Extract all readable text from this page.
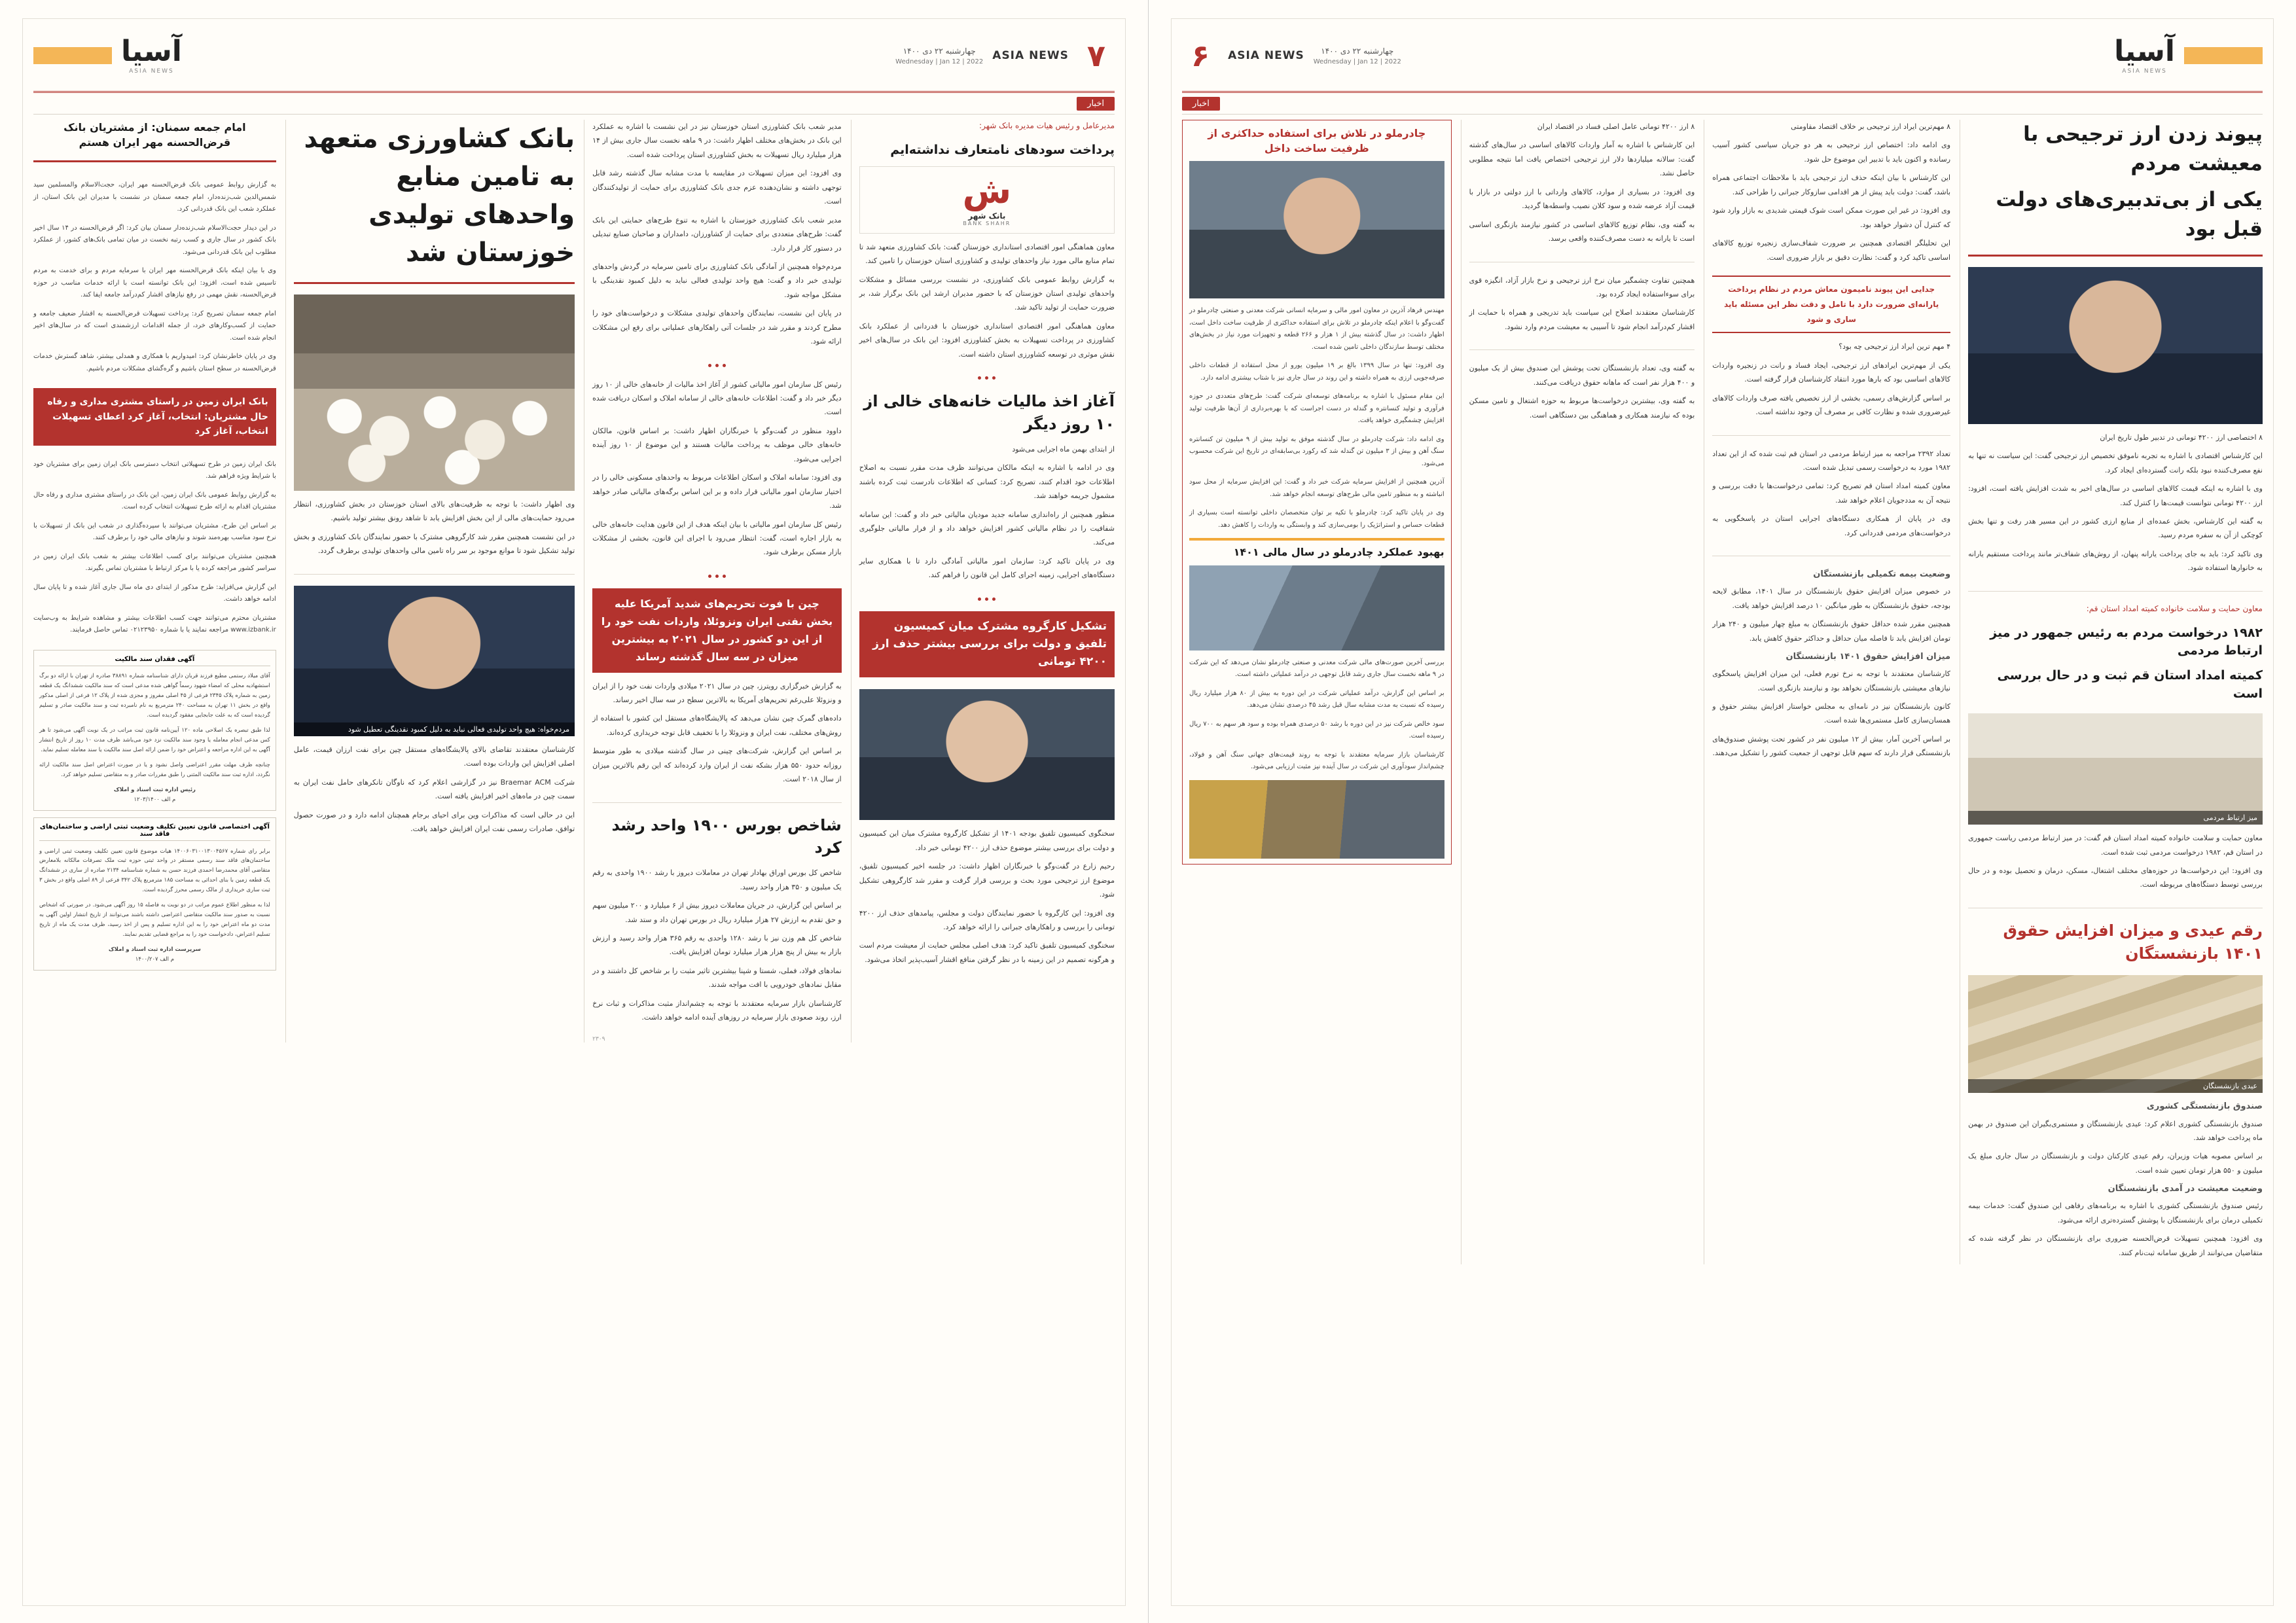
آسیا
ASIA NEWS
چهارشنبه ۲۲ دی ۱۴۰۰
Wednesday | Jan 12 | 2022
ASIA NEWS
۶
اخبار
پیوند زدن ارز ترجیحی با معیشت مردم
یکی از بی‌تدبیری‌های دولت قبل بود

۸ اختصاصی ارز ۴۲۰۰ تومانی در تدبیر طول تاریخ ایران

این کارشناس اقتصادی با اشاره به تجربه ناموفق تخصیص ارز ترجیحی گفت: این سیاست نه تنها به نفع مصرف‌کننده نبود بلکه رانت گسترده‌ای ایجاد کرد.

وی با اشاره به اینکه قیمت کالاهای اساسی در سال‌های اخیر به شدت افزایش یافته است، افزود: ارز ۴۲۰۰ تومانی نتوانست قیمت‌ها را کنترل کند.

به گفته این کارشناس، بخش عمده‌ای از منابع ارزی کشور در این مسیر هدر رفت و تنها بخش کوچکی از آن به سفره مردم رسید.

وی تاکید کرد: باید به جای پرداخت یارانه پنهان، از روش‌های شفاف‌تر مانند پرداخت مستقیم یارانه به خانوارها استفاده شود.

معاون حمایت و سلامت خانواده کمیته امداد استان قم:
۱۹۸۲ درخواست مردم به رئیس جمهور در میز ارتباط مردمی
کمیته امداد استان قم ثبت و در حال بررسی است
میز ارتباط مردمی

معاون حمایت و سلامت خانواده کمیته امداد استان قم گفت: در میز ارتباط مردمی ریاست جمهوری در استان قم، ۱۹۸۲ درخواست مردمی ثبت شده است.

وی افزود: این درخواست‌ها در حوزه‌های مختلف اشتغال، مسکن، درمان و تحصیل بوده و در حال بررسی توسط دستگاه‌های مربوطه است.

رقم عیدی و میزان افزایش حقوق ۱۴۰۱ بازنشستگان
عیدی بازنشستگان
صندوق بازنشستگی کشوری

صندوق بازنشستگی کشوری اعلام کرد: عیدی بازنشستگان و مستمری‌بگیران این صندوق در بهمن ماه پرداخت خواهد شد.

بر اساس مصوبه هیات وزیران، رقم عیدی کارکنان دولت و بازنشستگان در سال جاری مبلغ یک میلیون و ۵۵۰ هزار تومان تعیین شده است.

وضعیت معیشت در آمدی بازنشستگان

رئیس صندوق بازنشستگی کشوری با اشاره به برنامه‌های رفاهی این صندوق گفت: خدمات بیمه تکمیلی درمان برای بازنشستگان با پوشش گسترده‌تری ارائه می‌شود.

وی افزود: همچنین تسهیلات قرض‌الحسنه ضروری برای بازنشستگان در نظر گرفته شده که متقاضیان می‌توانند از طریق سامانه ثبت‌نام کنند.

۸ مهم‌ترین ایراد ارز ترجیحی بر خلاف اقتصاد مقاومتی

وی ادامه داد: اختصاص ارز ترجیحی به هر دو جریان سیاسی کشور آسیب رسانده و اکنون باید با تدبیر این موضوع حل شود.

این کارشناس با بیان اینکه حذف ارز ترجیحی باید با ملاحظات اجتماعی همراه باشد، گفت: دولت باید پیش از هر اقدامی سازوکار جبرانی را طراحی کند.

وی افزود: در غیر این صورت ممکن است شوک قیمتی شدیدی به بازار وارد شود که کنترل آن دشوار خواهد بود.

این تحلیلگر اقتصادی همچنین بر ضرورت شفاف‌سازی زنجیره توزیع کالاهای اساسی تاکید کرد و گفت: نظارت دقیق بر بازار ضروری است.

جدایی این پیوند نامیمون معاش مردم در نظام پرداخت یارانه‌ای ضرورت دارد با تامل و دقت نظر این مسئله باید ساری و شود

۴ مهم ترین ایراد ارز ترجیحی چه بود؟

یکی از مهم‌ترین ایرادهای ارز ترجیحی، ایجاد فساد و رانت در زنجیره واردات کالاهای اساسی بود که بارها مورد انتقاد کارشناسان قرار گرفته است.

بر اساس گزارش‌های رسمی، بخشی از ارز تخصیص یافته صرف واردات کالاهای غیرضروری شده و نظارت کافی بر مصرف آن وجود نداشته است.

تعداد ۲۳۹۲ مراجعه به میز ارتباط مردمی در استان قم ثبت شده که از این تعداد ۱۹۸۲ مورد به درخواست رسمی تبدیل شده است.

معاون کمیته امداد استان قم تصریح کرد: تمامی درخواست‌ها با دقت بررسی و نتیجه آن به مددجویان اعلام خواهد شد.

وی در پایان از همکاری دستگاه‌های اجرایی استان در پاسخگویی به درخواست‌های مردمی قدردانی کرد.

وضعیت بیمه تکمیلی بازنشستگان

در خصوص میزان افزایش حقوق بازنشستگان در سال ۱۴۰۱، مطابق لایحه بودجه، حقوق بازنشستگان به طور میانگین ۱۰ درصد افزایش خواهد یافت.

همچنین مقرر شده حداقل حقوق بازنشستگان به مبلغ چهار میلیون و ۲۴۰ هزار تومان افزایش یابد تا فاصله میان حداقل و حداکثر حقوق کاهش یابد.

میزان افزایش حقوق ۱۴۰۱ بازنشستگان

کارشناسان معتقدند با توجه به نرخ تورم فعلی، این میزان افزایش پاسخگوی نیازهای معیشتی بازنشستگان نخواهد بود و نیازمند بازنگری است.

کانون بازنشستگان نیز در نامه‌ای به مجلس خواستار افزایش بیشتر حقوق و همسان‌سازی کامل مستمری‌ها شده است.

بر اساس آخرین آمار، بیش از ۱۲ میلیون نفر در کشور تحت پوشش صندوق‌های بازنشستگی قرار دارند که سهم قابل توجهی از جمعیت کشور را تشکیل می‌دهند.

۸ ارز ۴۲۰۰ تومانی عامل اصلی فساد در اقتصاد ایران

این کارشناس با اشاره به آمار واردات کالاهای اساسی در سال‌های گذشته گفت: سالانه میلیاردها دلار ارز ترجیحی اختصاص یافت اما نتیجه مطلوبی حاصل نشد.

وی افزود: در بسیاری از موارد، کالاهای وارداتی با ارز دولتی در بازار با قیمت آزاد عرضه شده و سود کلان نصیب واسطه‌ها گردید.

به گفته وی، نظام توزیع کالاهای اساسی در کشور نیازمند بازنگری اساسی است تا یارانه به دست مصرف‌کننده واقعی برسد.

همچنین تفاوت چشمگیر میان نرخ ارز ترجیحی و نرخ بازار آزاد، انگیزه قوی برای سوءاستفاده ایجاد کرده بود.

کارشناسان معتقدند اصلاح این سیاست باید تدریجی و همراه با حمایت از اقشار کم‌درآمد انجام شود تا آسیبی به معیشت مردم وارد نشود.

به گفته وی، تعداد بازنشستگان تحت پوشش این صندوق بیش از یک میلیون و ۴۰۰ هزار نفر است که ماهانه حقوق دریافت می‌کنند.

به گفته وی، بیشترین درخواست‌ها مربوط به حوزه اشتغال و تامین مسکن بوده که نیازمند همکاری و هماهنگی بین دستگاهی است.

چادرملو در تلاش برای استفاده حداکثری از ظرفیت ساخت داخل

مهندس فرهاد آذرین در معاون امور مالی و سرمایه انسانی شرکت معدنی و صنعتی چادرملو در گفت‌وگو با اعلام اینکه چادرملو در تلاش برای استفاده حداکثری از ظرفیت ساخت داخل است، اظهار داشت: در سال گذشته بیش از ۱ هزار و ۲۶۶ قطعه و تجهیزات مورد نیاز در بخش‌های مختلف توسط سازندگان داخلی تامین شده است.

وی افزود: تنها در سال ۱۳۹۹ بالغ بر ۱۹ میلیون یورو از محل استفاده از قطعات داخلی صرفه‌جویی ارزی به همراه داشته و این روند در سال جاری نیز با شتاب بیشتری ادامه دارد.

این مقام مسئول با اشاره به برنامه‌های توسعه‌ای شرکت گفت: طرح‌های متعددی در حوزه فرآوری و تولید کنسانتره و گندله در دست اجراست که با بهره‌برداری از آن‌ها ظرفیت تولید افزایش چشمگیری خواهد یافت.

وی ادامه داد: شرکت چادرملو در سال گذشته موفق به تولید بیش از ۹ میلیون تن کنسانتره سنگ آهن و بیش از ۳ میلیون تن گندله شد که رکورد بی‌سابقه‌ای در تاریخ این شرکت محسوب می‌شود.

آذرین همچنین از افزایش سرمایه شرکت خبر داد و گفت: این افزایش سرمایه از محل سود انباشته و به منظور تامین مالی طرح‌های توسعه انجام خواهد شد.

وی در پایان تاکید کرد: چادرملو با تکیه بر توان متخصصان داخلی توانسته است بسیاری از قطعات حساس و استراتژیک را بومی‌سازی کند و وابستگی به واردات را کاهش دهد.

بهبود عملکرد چادرملو در سال مالی ۱۴۰۱

بررسی آخرین صورت‌های مالی شرکت معدنی و صنعتی چادرملو نشان می‌دهد که این شرکت در ۹ ماهه نخست سال جاری رشد قابل توجهی در درآمد عملیاتی داشته است.

بر اساس این گزارش، درآمد عملیاتی شرکت در این دوره به بیش از ۸۰ هزار میلیارد ریال رسیده که نسبت به مدت مشابه سال قبل رشد ۴۵ درصدی نشان می‌دهد.

سود خالص شرکت نیز در این دوره با رشد ۵۰ درصدی همراه بوده و سود هر سهم به ۷۰۰ ریال رسیده است.

کارشناسان بازار سرمایه معتقدند با توجه به روند قیمت‌های جهانی سنگ آهن و فولاد، چشم‌انداز سودآوری این شرکت در سال آینده نیز مثبت ارزیابی می‌شود.

۷
ASIA NEWS
چهارشنبه ۲۲ دی ۱۴۰۰
Wednesday | Jan 12 | 2022
آسیا
ASIA NEWS
اخبار
مدیرعامل و رئیس هیات مدیره بانک شهر:
پرداخت سودهای نامتعارف نداشته‌ایم
ش
بانک شهر
BANK SHAHR

معاون هماهنگی امور اقتصادی استانداری خوزستان گفت: بانک کشاورزی متعهد شد تا تمام منابع مالی مورد نیاز واحدهای تولیدی و کشاورزی استان خوزستان را تامین کند.

به گزارش روابط عمومی بانک کشاورزی، در نشست بررسی مسائل و مشکلات واحدهای تولیدی استان خوزستان که با حضور مدیران ارشد این بانک برگزار شد، بر ضرورت حمایت از تولید تاکید شد.

معاون هماهنگی امور اقتصادی استانداری خوزستان با قدردانی از عملکرد بانک کشاورزی در پرداخت تسهیلات به بخش کشاورزی افزود: این بانک در سال‌های اخیر نقش موثری در توسعه کشاورزی استان داشته است.

آغاز اخذ مالیات خانه‌های خالی از ۱۰ روز دیگر

از ابتدای بهمن ماه اجرایی می‌شود

وی در ادامه با اشاره به اینکه مالکان می‌توانند ظرف مدت مقرر نسبت به اصلاح اطلاعات خود اقدام کنند، تصریح کرد: کسانی که اطلاعات نادرست ثبت کرده باشند مشمول جریمه خواهند شد.

منظور همچنین از راه‌اندازی سامانه جدید مودیان مالیاتی خبر داد و گفت: این سامانه شفافیت را در نظام مالیاتی کشور افزایش خواهد داد و از فرار مالیاتی جلوگیری می‌کند.

وی در پایان تاکید کرد: سازمان امور مالیاتی آمادگی دارد تا با همکاری سایر دستگاه‌های اجرایی، زمینه اجرای کامل این قانون را فراهم کند.

تشکیل کارگروه مشترک میان کمیسیون تلفیق و دولت برای بررسی بیشتر حذف ارز ۴۲۰۰ تومانی

سخنگوی کمیسیون تلفیق بودجه ۱۴۰۱ از تشکیل کارگروه مشترک میان این کمیسیون و دولت برای بررسی بیشتر موضوع حذف ارز ۴۲۰۰ تومانی خبر داد.

رحیم زارع در گفت‌وگو با خبرنگاران اظهار داشت: در جلسه اخیر کمیسیون تلفیق، موضوع ارز ترجیحی مورد بحث و بررسی قرار گرفت و مقرر شد کارگروهی تشکیل شود.

وی افزود: این کارگروه با حضور نمایندگان دولت و مجلس، پیامدهای حذف ارز ۴۲۰۰ تومانی را بررسی و راهکارهای جبرانی را ارائه خواهد کرد.

سخنگوی کمیسیون تلفیق تاکید کرد: هدف اصلی مجلس حمایت از معیشت مردم است و هرگونه تصمیم در این زمینه با در نظر گرفتن منافع اقشار آسیب‌پذیر اتخاذ می‌شود.

مدیر شعب بانک کشاورزی استان خوزستان نیز در این نشست با اشاره به عملکرد این بانک در بخش‌های مختلف اظهار داشت: در ۹ ماهه نخست سال جاری بیش از ۱۴ هزار میلیارد ریال تسهیلات به بخش کشاورزی استان پرداخت شده است.

وی افزود: این میزان تسهیلات در مقایسه با مدت مشابه سال گذشته رشد قابل توجهی داشته و نشان‌دهنده عزم جدی بانک کشاورزی برای حمایت از تولیدکنندگان است.

مدیر شعب بانک کشاورزی خوزستان با اشاره به تنوع طرح‌های حمایتی این بانک گفت: طرح‌های متعددی برای حمایت از کشاورزان، دامداران و صاحبان صنایع تبدیلی در دستور کار قرار دارد.

مردم‌خواه همچنین از آمادگی بانک کشاورزی برای تامین سرمایه در گردش واحدهای تولیدی خبر داد و گفت: هیچ واحد تولیدی فعالی نباید به دلیل کمبود نقدینگی با مشکل مواجه شود.

در پایان این نشست، نمایندگان واحدهای تولیدی مشکلات و درخواست‌های خود را مطرح کردند و مقرر شد در جلسات آتی راهکارهای عملیاتی برای رفع این مشکلات ارائه شود.

رئیس کل سازمان امور مالیاتی کشور از آغاز اخذ مالیات از خانه‌های خالی از ۱۰ روز دیگر خبر داد و گفت: اطلاعات خانه‌های خالی از سامانه املاک و اسکان دریافت شده است.

داوود منظور در گفت‌وگو با خبرنگاران اظهار داشت: بر اساس قانون، مالکان خانه‌های خالی موظف به پرداخت مالیات هستند و این موضوع از ۱۰ روز آینده اجرایی می‌شود.

وی افزود: سامانه املاک و اسکان اطلاعات مربوط به واحدهای مسکونی خالی را در اختیار سازمان امور مالیاتی قرار داده و بر این اساس برگه‌های مالیاتی صادر خواهد شد.

رئیس کل سازمان امور مالیاتی با بیان اینکه هدف از این قانون هدایت خانه‌های خالی به بازار اجاره است، گفت: انتظار می‌رود با اجرای این قانون، بخشی از مشکلات بازار مسکن برطرف شود.

چین با فوت تحریم‌های شدید آمریکا علیه بخش نفتی ایران ونزوئلا، واردات نفت خود را از این دو کشور در سال ۲۰۲۱ به بیشترین میزان در سه سال گذشته رساند

به گزارش خبرگزاری رویترز، چین در سال ۲۰۲۱ میلادی واردات نفت خود را از ایران و ونزوئلا علی‌رغم تحریم‌های آمریکا به بالاترین سطح در سه سال اخیر رساند.

داده‌های گمرک چین نشان می‌دهد که پالایشگاه‌های مستقل این کشور با استفاده از روش‌های مختلف، نفت ایران و ونزوئلا را با تخفیف قابل توجه خریداری کرده‌اند.

بر اساس این گزارش، شرکت‌های چینی در سال گذشته میلادی به طور متوسط روزانه حدود ۵۵۰ هزار بشکه نفت از ایران وارد کرده‌اند که این رقم بالاترین میزان از سال ۲۰۱۸ است.

شاخص بورس ۱۹۰۰ واحد رشد کرد

شاخص کل بورس اوراق بهادار تهران در معاملات دیروز با رشد ۱۹۰۰ واحدی به رقم یک میلیون و ۳۵۰ هزار واحد رسید.

بر اساس این گزارش، در جریان معاملات دیروز بیش از ۶ میلیارد و ۲۰۰ میلیون سهم و حق تقدم به ارزش ۲۷ هزار میلیارد ریال در بورس تهران داد و ستد شد.

شاخص کل هم وزن نیز با رشد ۱۲۸۰ واحدی به رقم ۳۶۵ هزار واحد رسید و ارزش بازار به بیش از پنج هزار هزار میلیارد تومان افزایش یافت.

نمادهای فولاد، فملی، شستا و شپنا بیشترین تاثیر مثبت را بر شاخص کل داشتند و در مقابل نمادهای خودرویی با افت مواجه شدند.

کارشناسان بازار سرمایه معتقدند با توجه به چشم‌انداز مثبت مذاکرات و ثبات نرخ ارز، روند صعودی بازار سرمایه در روزهای آینده ادامه خواهد داشت.

۲۳۰۹
بانک کشاورزی متعهد به تامین منابع واحدهای تولیدی خوزستان شد

وی اظهار داشت: با توجه به ظرفیت‌های بالای استان خوزستان در بخش کشاورزی، انتظار می‌رود حمایت‌های مالی از این بخش افزایش یابد تا شاهد رونق بیشتر تولید باشیم.

در این نشست همچنین مقرر شد کارگروهی مشترک با حضور نمایندگان بانک کشاورزی و بخش تولید تشکیل شود تا موانع موجود بر سر راه تامین مالی واحدهای تولیدی برطرف گردد.

مردم‌خواه: هیچ واحد تولیدی فعالی نباید به دلیل کمبود نقدینگی تعطیل شود

کارشناسان معتقدند تقاضای بالای پالایشگاه‌های مستقل چین برای نفت ارزان قیمت، عامل اصلی افزایش این واردات بوده است.

شرکت Braemar ACM نیز در گزارشی اعلام کرد که ناوگان تانکرهای حامل نفت ایران به سمت چین در ماه‌های اخیر افزایش یافته است.

این در حالی است که مذاکرات وین برای احیای برجام همچنان ادامه دارد و در صورت حصول توافق، صادرات رسمی نفت ایران افزایش خواهد یافت.

امام جمعه سمنان: از مشتریان بانک قرض‌الحسنه مهر ایران هستم

به گزارش روابط عمومی بانک قرض‌الحسنه مهر ایران، حجت‌الاسلام والمسلمین سید شمس‌الدین شب‌زنده‌دار، امام جمعه سمنان در نشست با مدیران این بانک استان، از عملکرد شعب این بانک قدردانی کرد.

در این دیدار حجت‌الاسلام شب‌زنده‌دار سمنان بیان کرد: اگر قرض‌الحسنه در ۱۴ سال اخیر بانک کشور در سال جاری و کسب رتبه نخست در میان تمامی بانک‌های کشور، از عملکرد مطلوب این بانک قدردانی می‌شود.

وی با بیان اینکه بانک قرض‌الحسنه مهر ایران با سرمایه مردم و برای خدمت به مردم تاسیس شده است، افزود: این بانک توانسته است با ارائه خدمات مناسب در حوزه قرض‌الحسنه، نقش مهمی در رفع نیازهای اقشار کم‌درآمد جامعه ایفا کند.

امام جمعه سمنان تصریح کرد: پرداخت تسهیلات قرض‌الحسنه به اقشار ضعیف جامعه و حمایت از کسب‌وکارهای خرد، از جمله اقدامات ارزشمندی است که در سال‌های اخیر انجام شده است.

وی در پایان خاطرنشان کرد: امیدواریم با همکاری و همدلی بیشتر، شاهد گسترش خدمات قرض‌الحسنه در سطح استان باشیم و گره‌گشای مشکلات مردم باشیم.

بانک ایران زمین در راستای مشتری مداری و رفاه حال مشتریان: انتخاب، آغاز کرد اعطای تسهیلات انتخاب، آغاز کرد

بانک ایران زمین در طرح تسهیلاتی انتخاب دسترسی بانک ایران زمین برای مشتریان خود با شرایط ویژه فراهم شد.

به گزارش روابط عمومی بانک ایران زمین، این بانک در راستای مشتری مداری و رفاه حال مشتریان اقدام به ارائه طرح تسهیلات انتخاب کرده است.

بر اساس این طرح، مشتریان می‌توانند با سپرده‌گذاری در شعب این بانک از تسهیلات با نرخ سود مناسب بهره‌مند شوند و نیازهای مالی خود را برطرف کنند.

همچنین مشتریان می‌توانند برای کسب اطلاعات بیشتر به شعب بانک ایران زمین در سراسر کشور مراجعه کرده یا با مرکز ارتباط با مشتریان تماس بگیرند.

این گزارش می‌افزاید: طرح مذکور از ابتدای دی ماه سال جاری آغاز شده و تا پایان سال ادامه خواهد داشت.

مشتریان محترم می‌توانند جهت کسب اطلاعات بیشتر و مشاهده شرایط به وب‌سایت www.izbank.ir مراجعه نمایند یا با شماره ۰۲۱۲۳۹۵۰ تماس حاصل فرمایند.

آگهی فقدان سند مالکیت

آقای میلاد رستمی مطیع فرزند قربان دارای شناسنامه شماره ۳۸۸۹۱ صادره از تهران با ارائه دو برگ استشهادیه محلی که امضاء شهود رسماً گواهی شده مدعی است که سند مالکیت ششدانگ یک قطعه زمین به شماره پلاک ۲۳۴۵ فرعی از ۴۵ اصلی مفروز و مجزی شده از پلاک ۱۲ فرعی از اصلی مذکور واقع در بخش ۱۱ تهران به مساحت ۲۴۰ مترمربع به نام نامبرده ثبت و سند مالکیت صادر و تسلیم گردیده است که به علت جابجایی مفقود گردیده است.

لذا طبق تبصره یک اصلاحی ماده ۱۲۰ آیین‌نامه قانون ثبت مراتب در یک نوبت آگهی می‌شود تا هر کس مدعی انجام معامله یا وجود سند مالکیت نزد خود می‌باشد ظرف مدت ۱۰ روز از تاریخ انتشار آگهی به این اداره مراجعه و اعتراض خود را ضمن ارائه اصل سند مالکیت یا سند معامله تسلیم نماید.

چنانچه ظرف مهلت مقرر اعتراضی واصل نشود و یا در صورت اعتراض اصل سند مالکیت ارائه نگردد، اداره ثبت سند مالکیت المثنی را طبق مقررات صادر و به متقاضی تسلیم خواهد کرد.

رئیس اداره ثبت اسناد و املاک
م الف ۱۲۰۳/۱۴۰۰
آگهی اختصاصی قانون تعیین تکلیف وضعیت ثبتی اراضی و ساختمان‌های فاقد سند

برابر رای شماره ۱۴۰۰۶۰۳۱۰۰۱۳۰۰۴۵۶۷ هیات موضوع قانون تعیین تکلیف وضعیت ثبتی اراضی و ساختمان‌های فاقد سند رسمی مستقر در واحد ثبتی حوزه ثبت ملک تصرفات مالکانه بلامعارض متقاضی آقای محمدرضا احمدی فرزند حسن به شماره شناسنامه ۲۱۳۴ صادره از ساری در ششدانگ یک قطعه زمین با بنای احداثی به مساحت ۱۸۵ مترمربع پلاک ۳۴۲ فرعی از ۸۹ اصلی واقع در بخش ۳ ثبت ساری خریداری از مالک رسمی محرز گردیده است.

لذا به منظور اطلاع عموم مراتب در دو نوبت به فاصله ۱۵ روز آگهی می‌شود. در صورتی که اشخاص نسبت به صدور سند مالکیت متقاضی اعتراضی داشته باشند می‌توانند از تاریخ انتشار اولین آگهی به مدت دو ماه اعتراض خود را به این اداره تسلیم و پس از اخذ رسید، ظرف مدت یک ماه از تاریخ تسلیم اعتراض، دادخواست خود را به مراجع قضایی تقدیم نمایند.

سرپرست اداره ثبت اسناد و املاک
م الف ۱۴۰۰/۲۰۷
